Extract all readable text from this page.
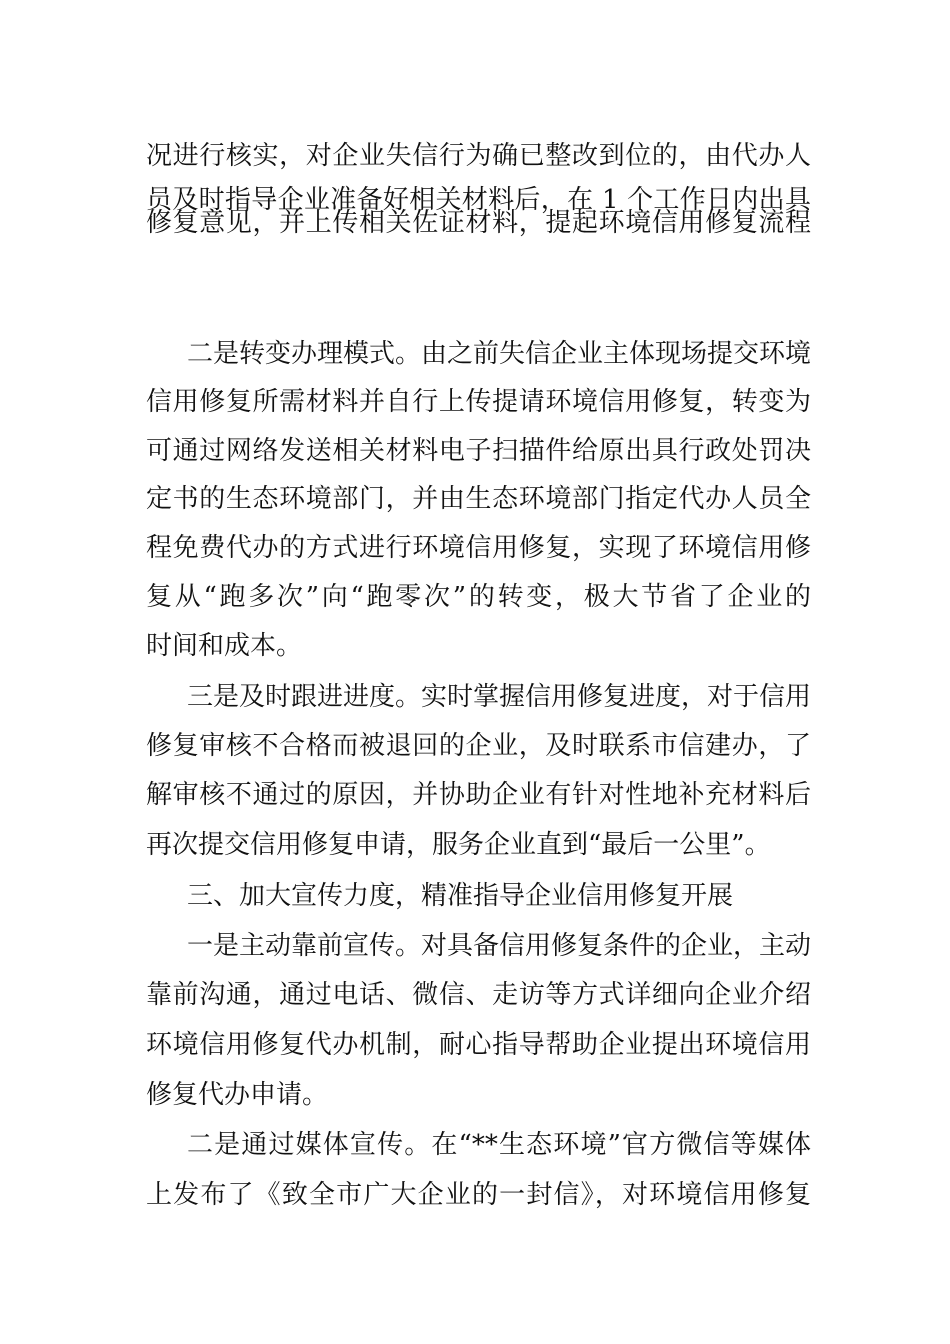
况进行核实，对企业失信行为确已整改到位的，由代办人
员及时指导企业准备好相关材料后，在 1 个工作日内出具
修复意见，并上传相关佐证材料，提起环境信用修复流程
二是转变办理模式。由之前失信企业主体现场提交环境
信用修复所需材料并自行上传提请环境信用修复，转变为
可通过网络发送相关材料电子扫描件给原出具行政处罚决
定书的生态环境部门，并由生态环境部门指定代办人员全
程免费代办的方式进行环境信用修复，实现了环境信用修
复从“跑多次”向“跑零次”的转变，极大节省了企业的
时间和成本。
三是及时跟进进度。实时掌握信用修复进度，对于信用
修复审核不合格而被退回的企业，及时联系市信建办，了
解审核不通过的原因，并协助企业有针对性地补充材料后
再次提交信用修复申请，服务企业直到“最后一公里”。
三、加大宣传力度，精准指导企业信用修复开展
一是主动靠前宣传。对具备信用修复条件的企业，主动
靠前沟通，通过电话、微信、走访等方式详细向企业介绍
环境信用修复代办机制，耐心指导帮助企业提出环境信用
修复代办申请。
二是通过媒体宣传。在“**生态环境”官方微信等媒体
上发布了《致全市广大企业的一封信》，对环境信用修复
